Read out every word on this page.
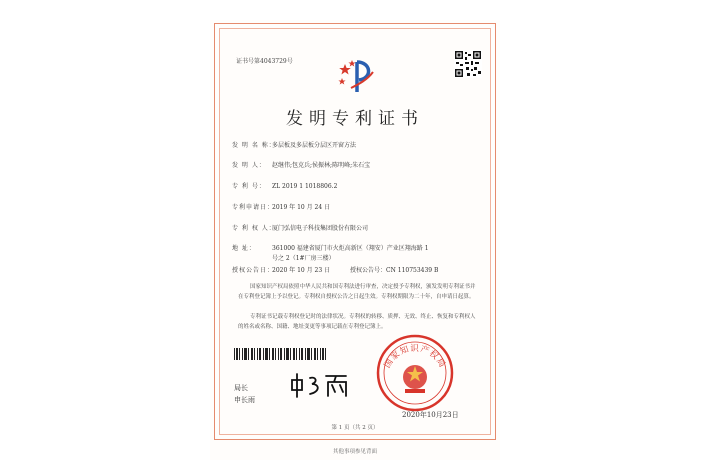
证书号第4043729号
发明专利证书
发 明 名 称：多层板及多层板分层区开窗方法
发 明 人： 赵继伟;包克兵;侯振林;陈明峰;朱石宝
专 利 号： ZL 2019 1 1018806.2
专利申请日：2019 年 10 月 24 日
专 利 权 人：厦门弘信电子科技集团股份有限公司
地 址：	361000 福建省厦门市火炬高新区（翔安）产业区翔海路 1
号之 2（1#厂房三楼）
授权公告日：2020 年 10 月 23 日	授权公告号：CN 110753439 B
国家知识产权局依照中华人民共和国专利法进行审查，决定授予专利权，颁发发明专利证书并在专利登记簿上予以登记。专利权自授权公告之日起生效。专利权期限为二十年，自申请日起算。
专利证书记载专利权登记时的法律状况。专利权的转移、质押、无效、终止、恢复和专利权人的姓名或名称、国籍、地址变更等事项记载在专利登记簿上。
局长
申长雨
国家知识产权局
2020年10月23日
第 1 页（共 2 页）
其他事项参见背面
